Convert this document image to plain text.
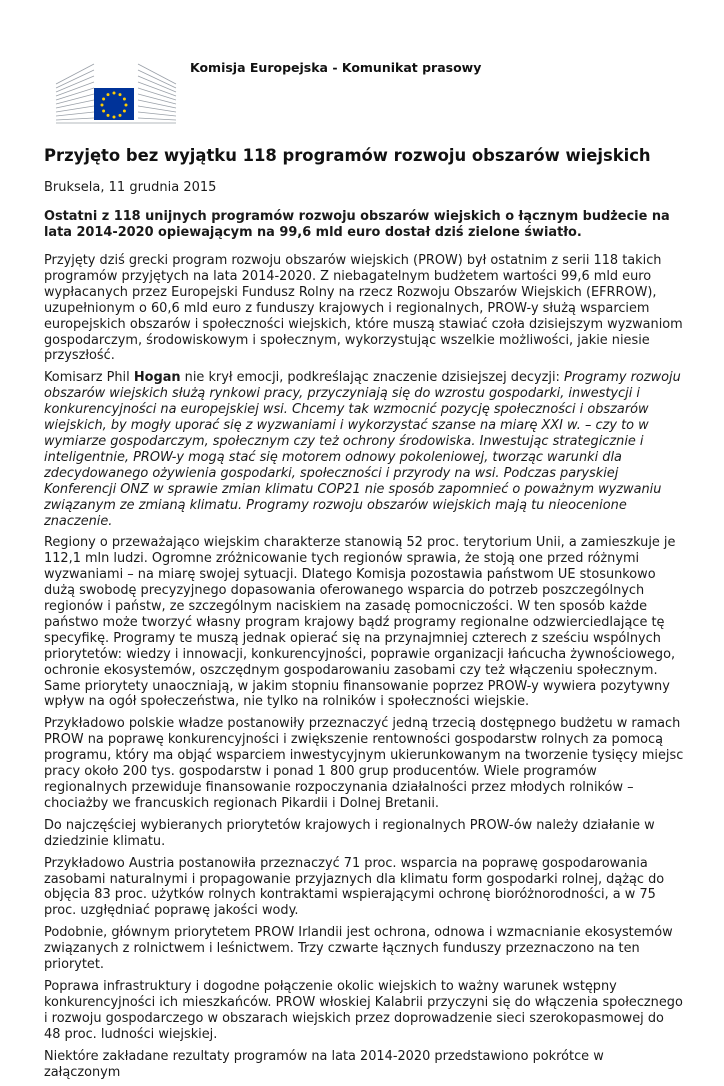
Komisja Europejska - Komunikat prasowy
Przyjęto bez wyjątku 118 programów rozwoju obszarów wiejskich
Bruksela, 11 grudnia 2015
Ostatni z 118 unijnych programów rozwoju obszarów wiejskich o łącznym budżecie na lata 2014-2020 opiewającym na 99,6 mld euro dostał dziś zielone światło.

Przyjęty dziś grecki program rozwoju obszarów wiejskich (PROW) był ostatnim z serii 118 takich programów przyjętych na lata 2014-2020. Z niebagatelnym budżetem wartości 99,6 mld euro wypłacanych przez Europejski Fundusz Rolny na rzecz Rozwoju Obszarów Wiejskich (EFRROW), uzupełnionym o 60,6 mld euro z funduszy krajowych i regionalnych, PROW-y służą wsparciem europejskich obszarów i społeczności wiejskich, które muszą stawiać czoła dzisiejszym wyzwaniom gospodarczym, środowiskowym i społecznym, wykorzystując wszelkie możliwości, jakie niesie przyszłość.

Komisarz Phil Hogan nie krył emocji, podkreślając znaczenie dzisiejszej decyzji: Programy rozwoju obszarów wiejskich służą rynkowi pracy, przyczyniają się do wzrostu gospodarki, inwestycji i konkurencyjności na europejskiej wsi. Chcemy tak wzmocnić pozycję społeczności i obszarów wiejskich, by mogły uporać się z wyzwaniami i wykorzystać szanse na miarę XXI w. – czy to w wymiarze gospodarczym, społecznym czy też ochrony środowiska. Inwestując strategicznie i inteligentnie, PROW-y mogą stać się motorem odnowy pokoleniowej, tworząc warunki dla zdecydowanego ożywienia gospodarki, społeczności i przyrody na wsi. Podczas paryskiej Konferencji ONZ w sprawie zmian klimatu COP21 nie sposób zapomnieć o poważnym wyzwaniu związanym ze zmianą klimatu. Programy rozwoju obszarów wiejskich mają tu nieocenione znaczenie.

Regiony o przeważająco wiejskim charakterze stanowią 52 proc. terytorium Unii, a zamieszkuje je 112,1 mln ludzi. Ogromne zróżnicowanie tych regionów sprawia, że stoją one przed różnymi wyzwaniami – na miarę swojej sytuacji. Dlatego Komisja pozostawia państwom UE stosunkowo dużą swobodę precyzyjnego dopasowania oferowanego wsparcia do potrzeb poszczególnych regionów i państw, ze szczególnym naciskiem na zasadę pomocniczości. W ten sposób każde państwo może tworzyć własny program krajowy bądź programy regionalne odzwierciedlające tę specyfikę. Programy te muszą jednak opierać się na przynajmniej czterech z sześciu wspólnych priorytetów: wiedzy i innowacji, konkurencyjności, poprawie organizacji łańcucha żywnościowego, ochronie ekosystemów, oszczędnym gospodarowaniu zasobami czy też włączeniu społecznym. Same priorytety unaoczniają, w jakim stopniu finansowanie poprzez PROW-y wywiera pozytywny wpływ na ogół społeczeństwa, nie tylko na rolników i społeczności wiejskie.

Przykładowo polskie władze postanowiły przeznaczyć jedną trzecią dostępnego budżetu w ramach PROW na poprawę konkurencyjności i zwiększenie rentowności gospodarstw rolnych za pomocą programu, który ma objąć wsparciem inwestycyjnym ukierunkowanym na tworzenie tysięcy miejsc pracy około 200 tys. gospodarstw i ponad 1 800 grup producentów. Wiele programów regionalnych przewiduje finansowanie rozpoczynania działalności przez młodych rolników – chociażby we francuskich regionach Pikardii i Dolnej Bretanii.

Do najczęściej wybieranych priorytetów krajowych i regionalnych PROW-ów należy działanie w dziedzinie klimatu.

Przykładowo Austria postanowiła przeznaczyć 71 proc. wsparcia na poprawę gospodarowania zasobami naturalnymi i propagowanie przyjaznych dla klimatu form gospodarki rolnej, dążąc do objęcia 83 proc. użytków rolnych kontraktami wspierającymi ochronę bioróżnorodności, a w 75 proc. uzgłędniać poprawę jakości wody.

Podobnie, głównym priorytetem PROW Irlandii jest ochrona, odnowa i wzmacnianie ekosystemów związanych z rolnictwem i leśnictwem. Trzy czwarte łącznych funduszy przeznaczono na ten priorytet.

Poprawa infrastruktury i dogodne połączenie okolic wiejskich to ważny warunek wstępny konkurencyjności ich mieszkańców. PROW włoskiej Kalabrii przyczyni się do włączenia społecznego i rozwoju gospodarczego w obszarach wiejskich przez doprowadzenie sieci szerokopasmowej do 48 proc. ludności wiejskiej.

Niektóre zakładane rezultaty programów na lata 2014-2020 przedstawiono pokrótce w załączonym
